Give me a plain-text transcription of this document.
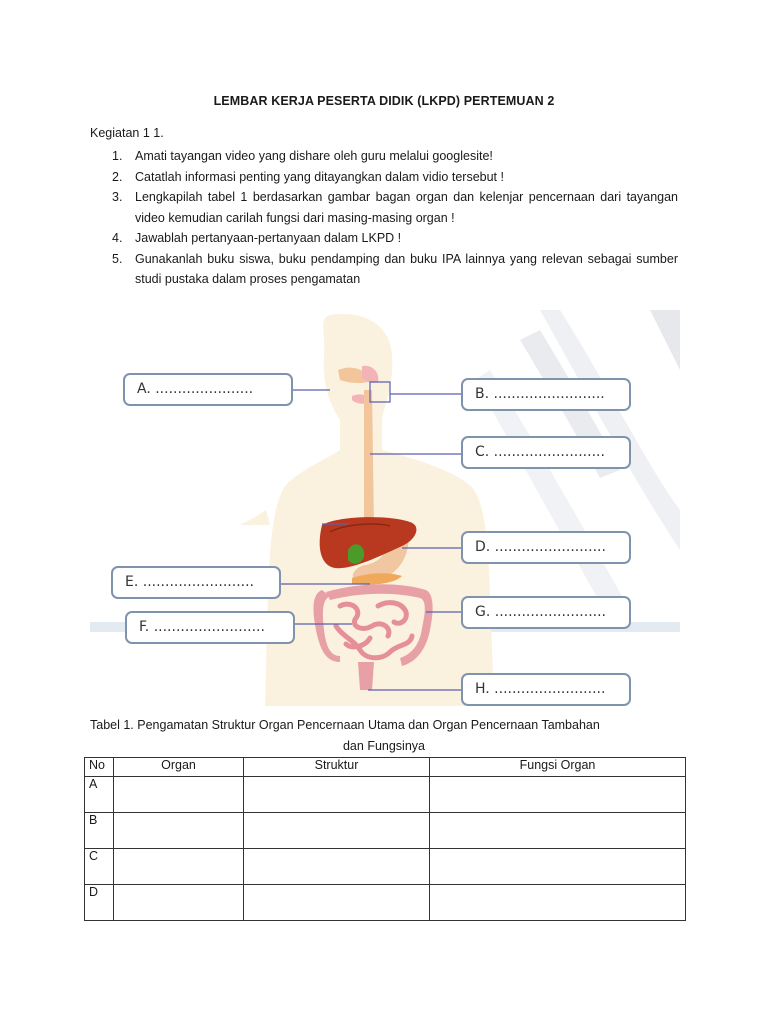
LEMBAR KERJA PESERTA DIDIK (LKPD) PERTEMUAN 2
Kegiatan 1 1.
1. Amati tayangan video yang dishare oleh guru melalui googlesite!
2. Catatlah informasi penting yang ditayangkan dalam vidio tersebut !
3. Lengkapilah tabel 1 berdasarkan gambar bagan organ dan kelenjar pencernaan dari tayangan video kemudian carilah fungsi dari masing-masing organ !
4. Jawablah pertanyaan-pertanyaan dalam LKPD !
5. Gunakanlah buku siswa, buku pendamping dan buku IPA lainnya yang relevan sebagai sumber studi pustaka dalam proses pengamatan
A. ......................	B. .........................
C. .........................
D. .........................
E. .........................
F. .........................
G. .........................
H. .........................
Tabel 1. Pengamatan Struktur Organ Pencernaan Utama dan Organ Pencernaan Tambahan
dan Fungsinya
No	Organ	Struktur	Fungsi Organ
A			
B			
C			
D			
